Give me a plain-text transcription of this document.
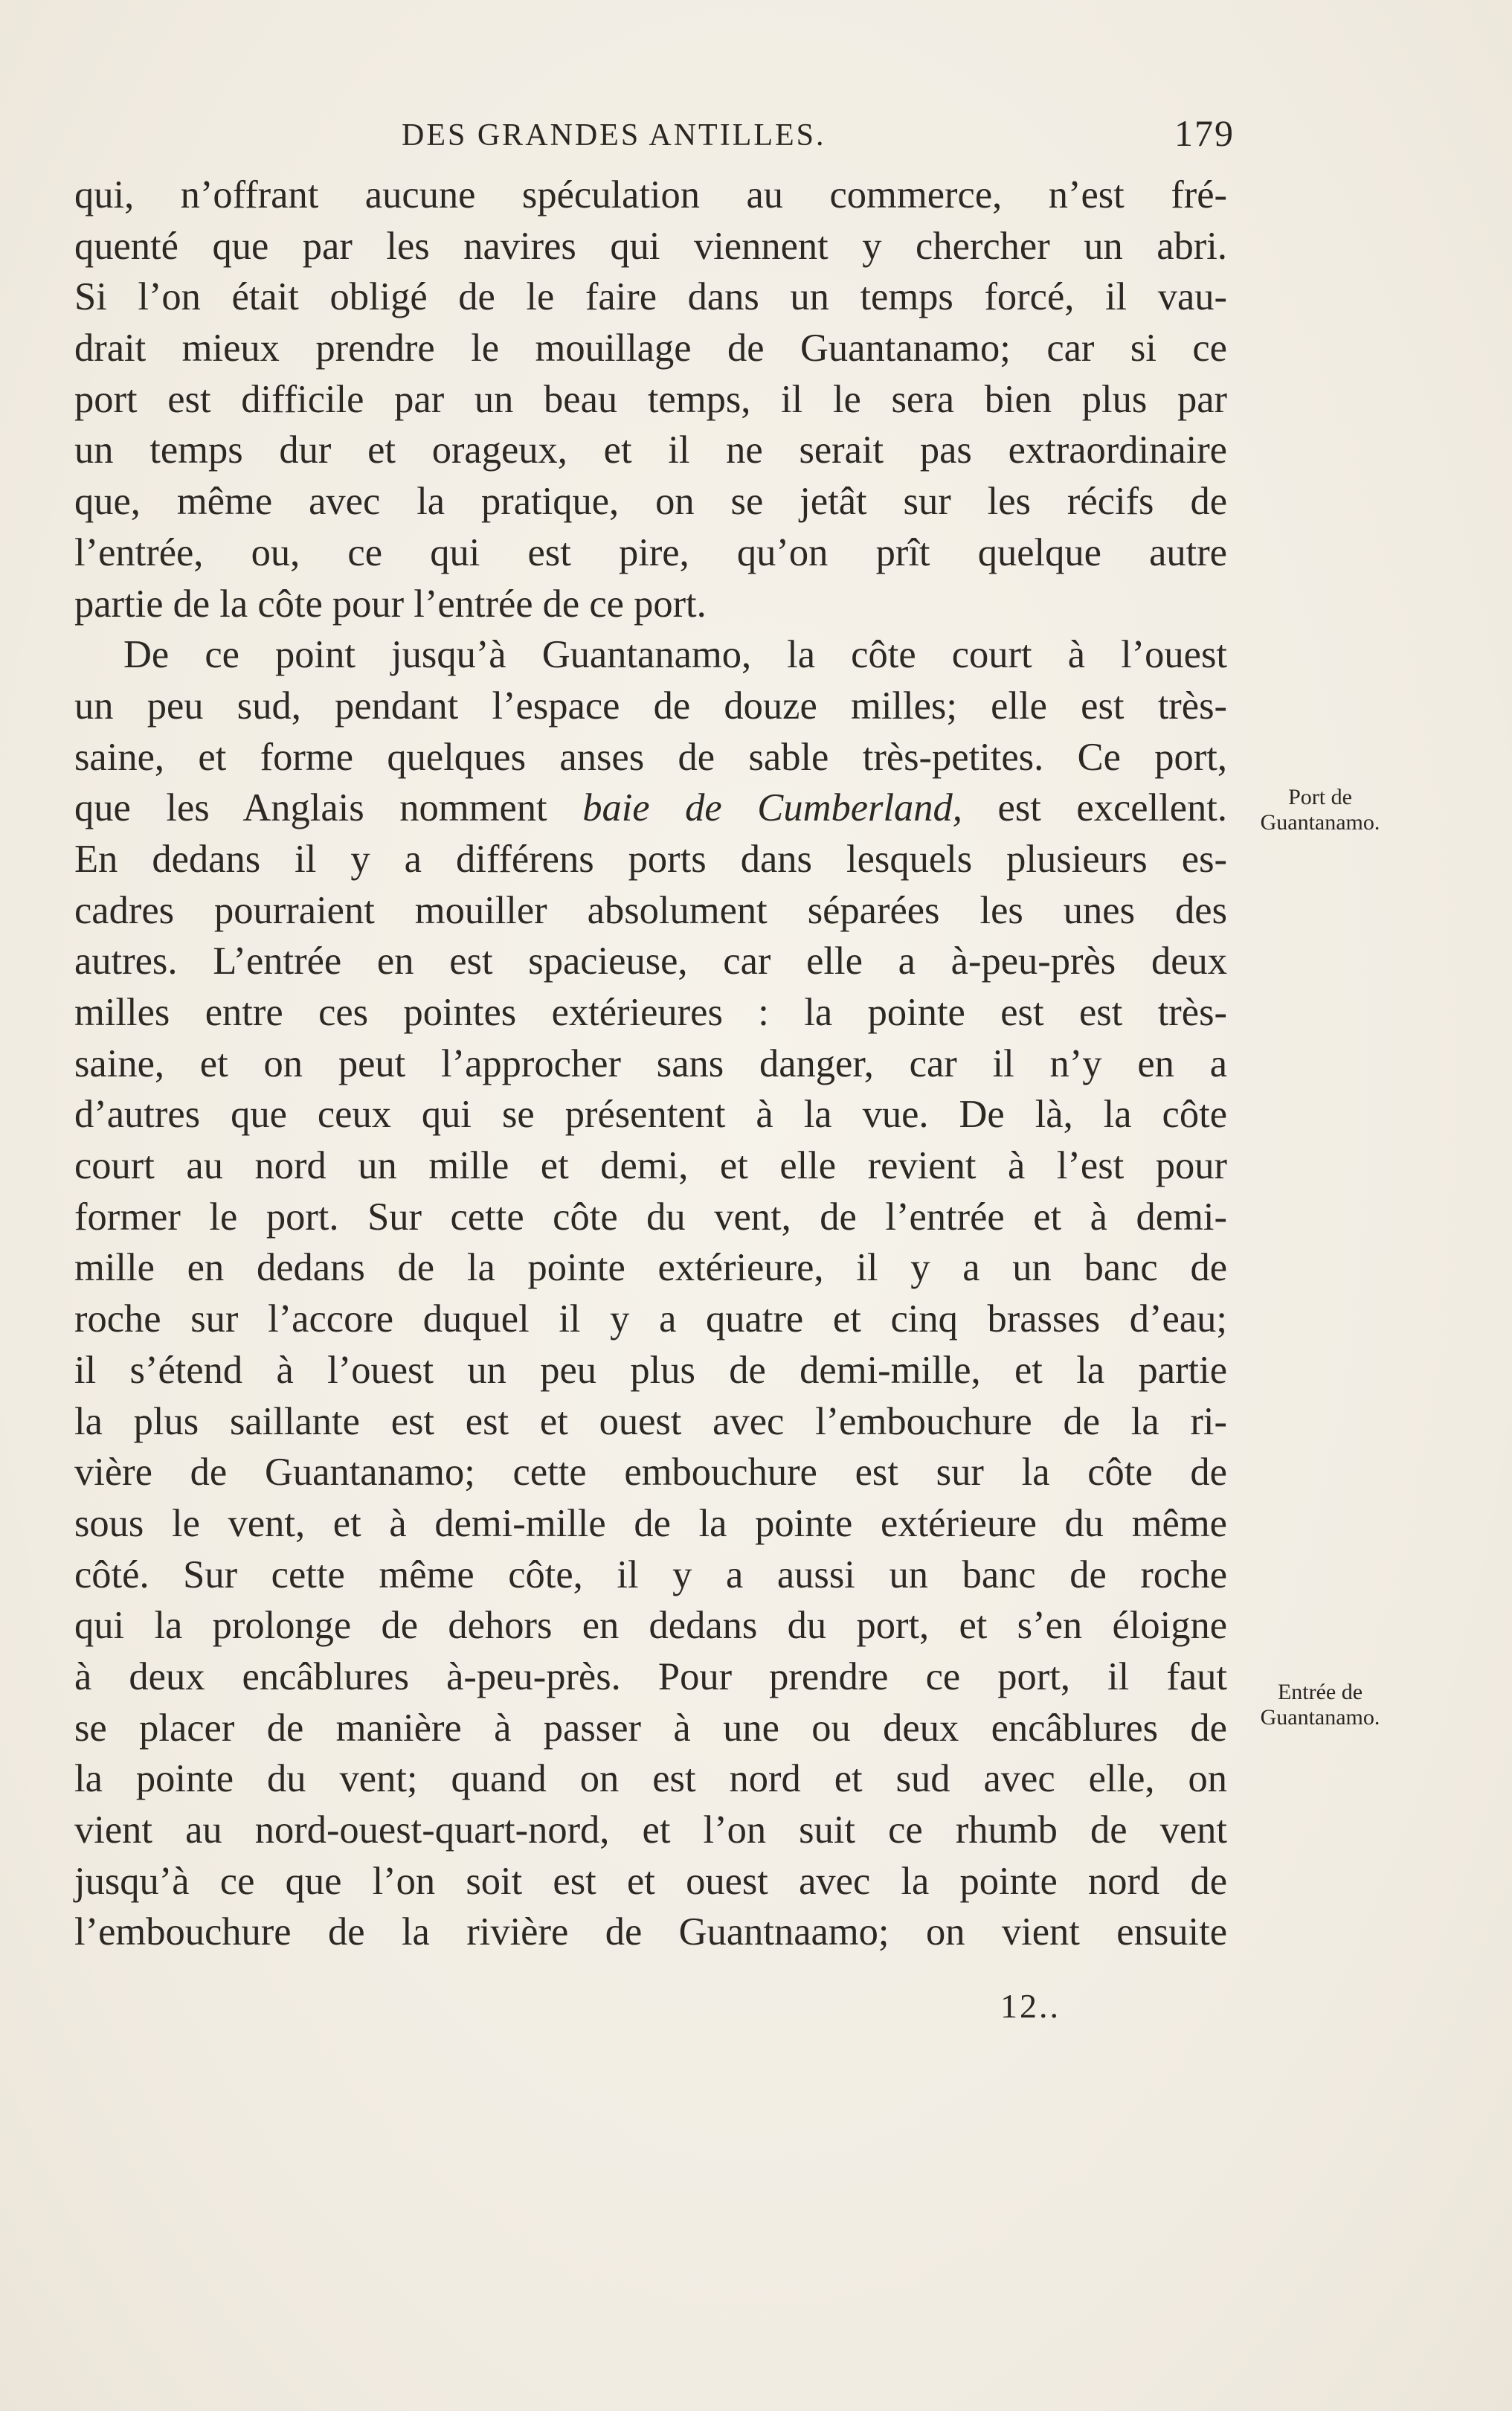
DES GRANDES ANTILLES.	179
qui, n’offrant aucune spéculation au commerce, n’est fré-
quenté que par les navires qui viennent y chercher un abri.
Si l’on était obligé de le faire dans un temps forcé, il vau-
drait mieux prendre le mouillage de Guantanamo; car si ce
port est difficile par un beau temps, il le sera bien plus par
un temps dur et orageux, et il ne serait pas extraordinaire
que, même avec la pratique, on se jetât sur les récifs de
l’entrée, ou, ce qui est pire, qu’on prît quelque autre
partie de la côte pour l’entrée de ce port.
De ce point jusqu’à Guantanamo, la côte court à l’ouest
un peu sud, pendant l’espace de douze milles; elle est très-
saine, et forme quelques anses de sable très-petites. Ce port,
que les Anglais nomment baie de Cumberland, est excellent.
En dedans il y a différens ports dans lesquels plusieurs es-
cadres pourraient mouiller absolument séparées les unes des
autres. L’entrée en est spacieuse, car elle a à-peu-près deux
milles entre ces pointes extérieures : la pointe est est très-
saine, et on peut l’approcher sans danger, car il n’y en a
d’autres que ceux qui se présentent à la vue. De là, la côte
court au nord un mille et demi, et elle revient à l’est pour
former le port. Sur cette côte du vent, de l’entrée et à demi-
mille en dedans de la pointe extérieure, il y a un banc de
roche sur l’accore duquel il y a quatre et cinq brasses d’eau;
il s’étend à l’ouest un peu plus de demi-mille, et la partie
la plus saillante est est et ouest avec l’embouchure de la ri-
vière de Guantanamo; cette embouchure est sur la côte de
sous le vent, et à demi-mille de la pointe extérieure du même
côté. Sur cette même côte, il y a aussi un banc de roche
qui la prolonge de dehors en dedans du port, et s’en éloigne
à deux encâblures à-peu-près. Pour prendre ce port, il faut
se placer de manière à passer à une ou deux encâblures de
la pointe du vent; quand on est nord et sud avec elle, on
vient au nord-ouest-quart-nord, et l’on suit ce rhumb de vent
jusqu’à ce que l’on soit est et ouest avec la pointe nord de
l’embouchure de la rivière de Guantnaamo; on vient ensuite
Port de
Guantanamo.
Entrée de
Guantanamo.
12..
